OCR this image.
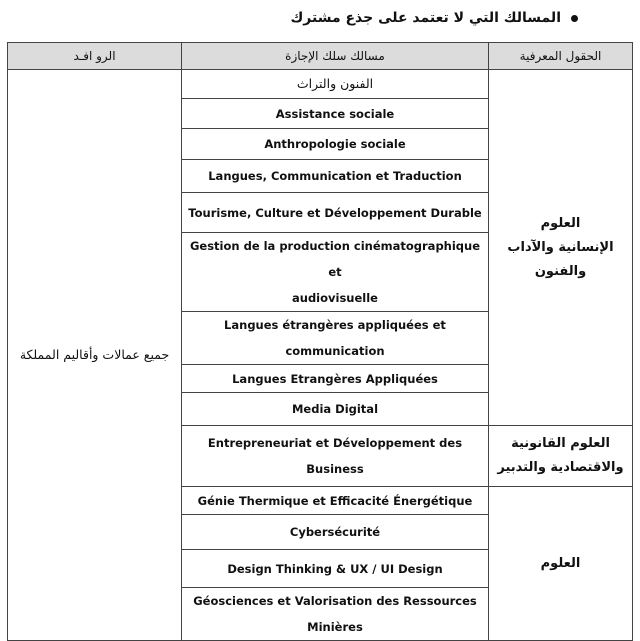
المسالك التي لا تعتمد على جذع مشترك
الرو افـد	مسالك سلك الإجازة	الحقول المعرفية
جميع عمالات وأقاليم المملكة	الفنون والتراث	العلوم
الإنسانية والآداب
والفنون

	Assistance sociale	
	Anthropologie sociale	
	Langues, Communication et Traduction	
	Tourisme, Culture et Développement Durable	

	Gestion de la production cinématographique et
audiovisuelle	

	Langues étrangères appliquées et
communication	

	Langues Etrangères Appliquées	
	Media Digital	
	Entrepreneuriat et Développement des Business	العلوم القانونية
والاقتصادية والتدبير

	Génie Thermique et Efficacité Énergétique	العلوم

	Cybersécurité	
	Design Thinking & UX / UI Design	

	Géosciences et Valorisation des Ressources
Minières	
